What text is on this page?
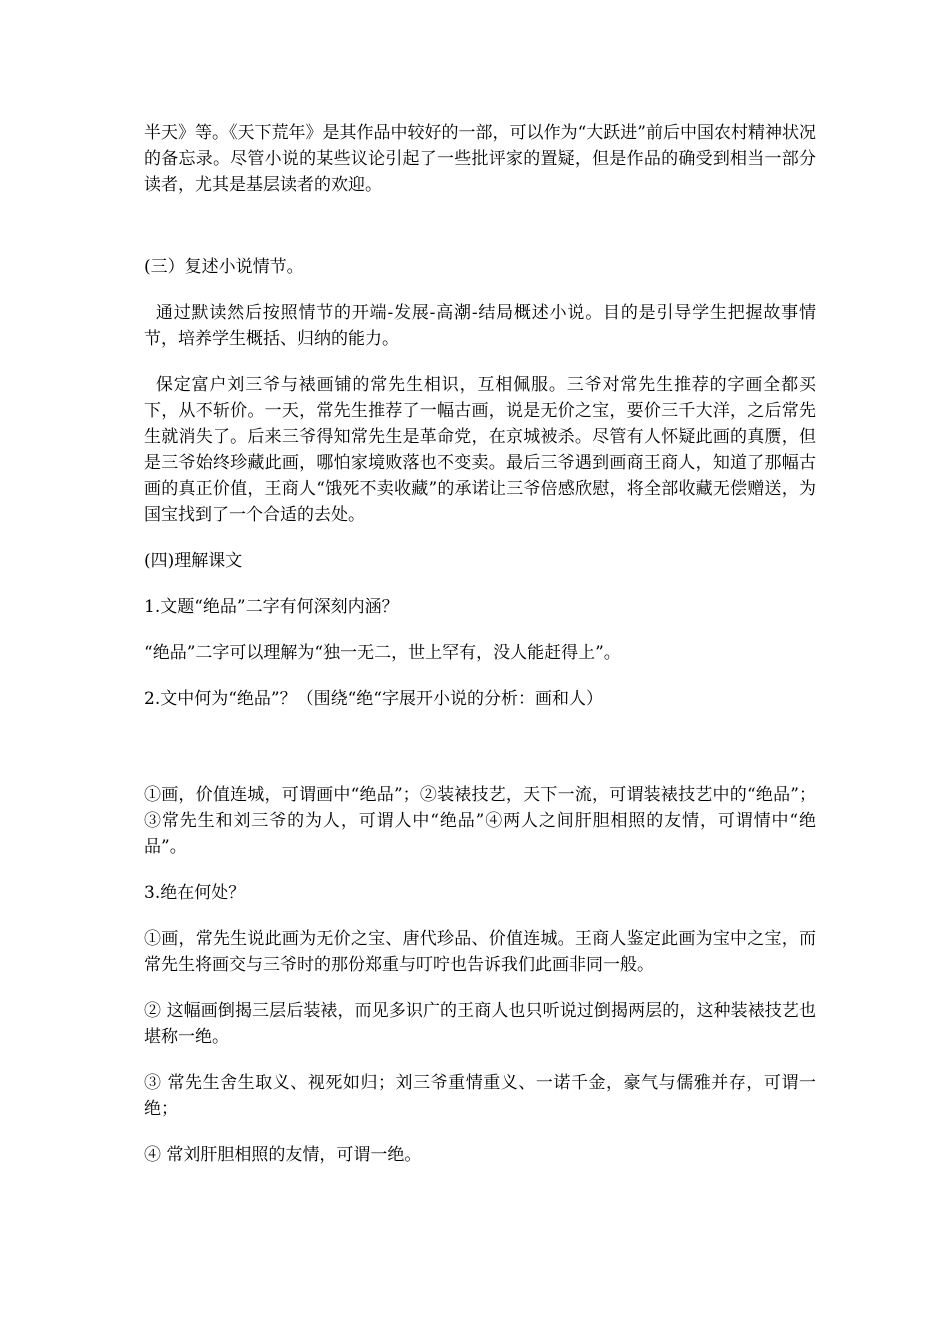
半天》等。《天下荒年》是其作品中较好的一部，可以作为“大跃进”前后中国农村精神状况的备忘录。尽管小说的某些议论引起了一些批评家的置疑，但是作品的确受到相当一部分读者，尤其是基层读者的欢迎。

(三）复述小说情节。

通过默读然后按照情节的开端-发展-高潮-结局概述小说。目的是引导学生把握故事情节，培养学生概括、归纳的能力。

保定富户刘三爷与裱画铺的常先生相识，互相佩服。三爷对常先生推荐的字画全都买下，从不斩价。一天，常先生推荐了一幅古画，说是无价之宝，要价三千大洋，之后常先生就消失了。后来三爷得知常先生是革命党，在京城被杀。尽管有人怀疑此画的真赝，但是三爷始终珍藏此画，哪怕家境败落也不变卖。最后三爷遇到画商王商人，知道了那幅古画的真正价值，王商人“饿死不卖收藏”的承诺让三爷倍感欣慰，将全部收藏无偿赠送，为国宝找到了一个合适的去处。

(四)理解课文

1.文题“绝品”二字有何深刻内涵？

“绝品”二字可以理解为“独一无二，世上罕有，没人能赶得上”。

2.文中何为“绝品”？（围绕“绝“字展开小说的分析：画和人）

①画，价值连城，可谓画中“绝品”；②装裱技艺，天下一流，可谓装裱技艺中的“绝品”；③常先生和刘三爷的为人，可谓人中“绝品”④两人之间肝胆相照的友情，可谓情中“绝品”。

3.绝在何处？

①画，常先生说此画为无价之宝、唐代珍品、价值连城。王商人鉴定此画为宝中之宝，而常先生将画交与三爷时的那份郑重与叮咛也告诉我们此画非同一般。

② 这幅画倒揭三层后装裱，而见多识广的王商人也只听说过倒揭两层的，这种装裱技艺也堪称一绝。

③ 常先生舍生取义、视死如归；刘三爷重情重义、一诺千金，豪气与儒雅并存，可谓一绝；

④ 常刘肝胆相照的友情，可谓一绝。
